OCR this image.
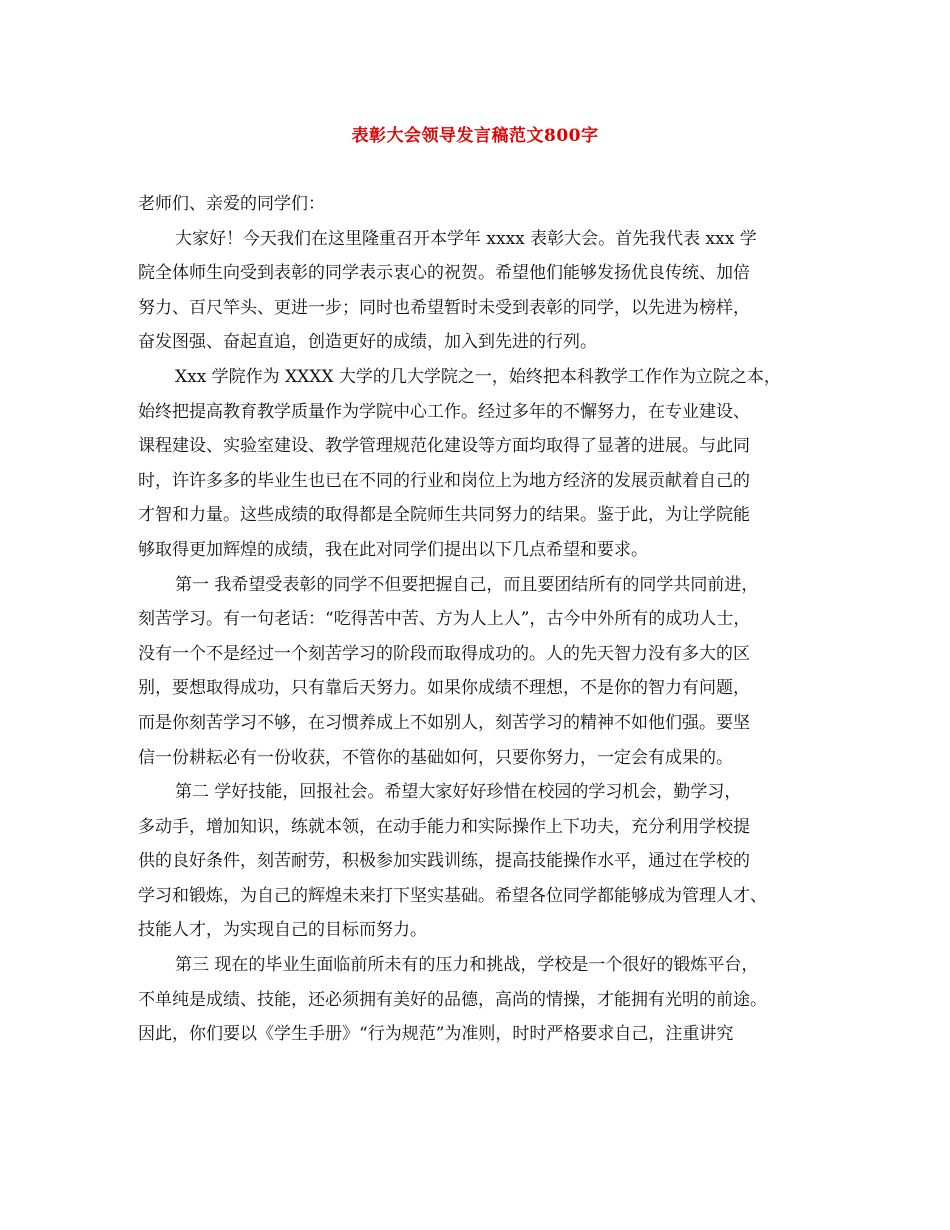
表彰大会领导发言稿范文800字
老师们、亲爱的同学们：
大家好！今天我们在这里隆重召开本学年 xxxx 表彰大会。首先我代表 xxx 学
院全体师生向受到表彰的同学表示衷心的祝贺。希望他们能够发扬优良传统、加倍
努力、百尺竿头、更进一步；同时也希望暂时未受到表彰的同学，以先进为榜样，
奋发图强、奋起直追，创造更好的成绩，加入到先进的行列。
Xxx 学院作为 XXXX 大学的几大学院之一，始终把本科教学工作作为立院之本，
始终把提高教育教学质量作为学院中心工作。经过多年的不懈努力，在专业建设、
课程建设、实验室建设、教学管理规范化建设等方面均取得了显著的进展。与此同
时，许许多多的毕业生也已在不同的行业和岗位上为地方经济的发展贡献着自己的
才智和力量。这些成绩的取得都是全院师生共同努力的结果。鉴于此，为让学院能
够取得更加辉煌的成绩，我在此对同学们提出以下几点希望和要求。
第一 我希望受表彰的同学不但要把握自己，而且要团结所有的同学共同前进，
刻苦学习。有一句老话：“吃得苦中苦、方为人上人”，古今中外所有的成功人士，
没有一个不是经过一个刻苦学习的阶段而取得成功的。人的先天智力没有多大的区
别，要想取得成功，只有靠后天努力。如果你成绩不理想，不是你的智力有问题，
而是你刻苦学习不够，在习惯养成上不如别人，刻苦学习的精神不如他们强。要坚
信一份耕耘必有一份收获，不管你的基础如何，只要你努力，一定会有成果的。
第二 学好技能，回报社会。希望大家好好珍惜在校园的学习机会，勤学习，
多动手，增加知识，练就本领，在动手能力和实际操作上下功夫，充分利用学校提
供的良好条件，刻苦耐劳，积极参加实践训练，提高技能操作水平，通过在学校的
学习和锻炼，为自己的辉煌未来打下坚实基础。希望各位同学都能够成为管理人才、
技能人才，为实现自己的目标而努力。
第三 现在的毕业生面临前所未有的压力和挑战，学校是一个很好的锻炼平台，
不单纯是成绩、技能，还必须拥有美好的品德，高尚的情操，才能拥有光明的前途。
因此，你们要以《学生手册》“行为规范”为准则，时时严格要求自己，注重讲究
